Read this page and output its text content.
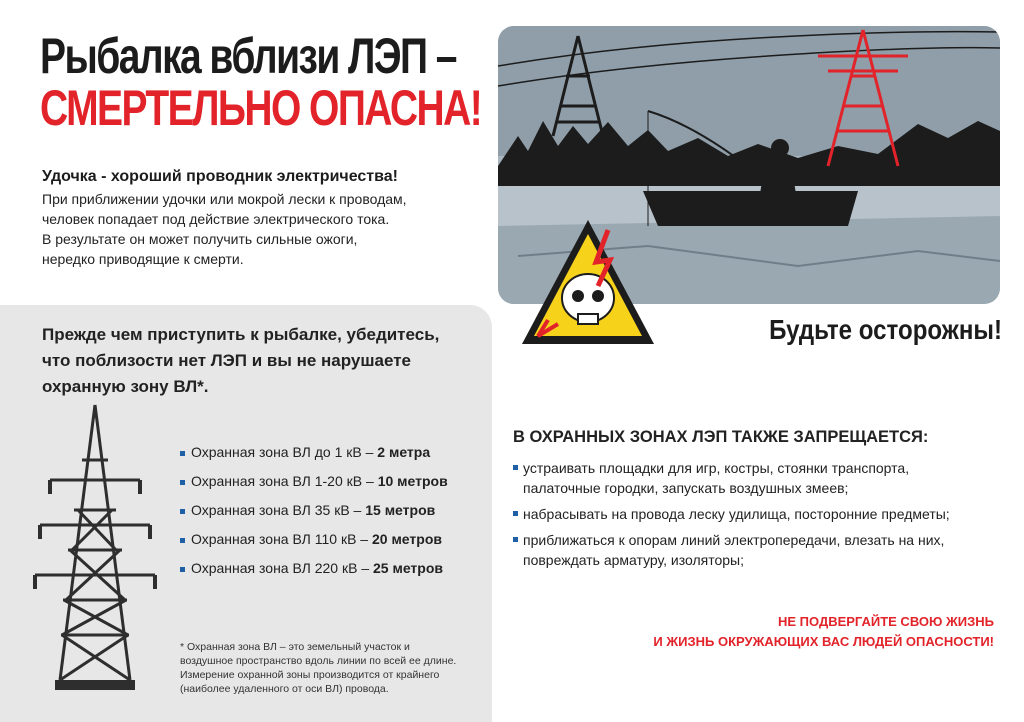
Рыбалка вблизи ЛЭП –
СМЕРТЕЛЬНО ОПАСНА!
Удочка - хороший проводник электричества!
При приближении удочки или мокрой лески к проводам,
человек попадает под действие электрического тока.
В результате он может получить сильные ожоги,
нередко приводящие к смерти.
Будьте осторожны!
Прежде чем приступить к рыбалке, убедитесь,
что поблизости нет ЛЭП и вы не нарушаете
охранную зону ВЛ*.
Охранная зона ВЛ до 1 кВ – 2 метра
Охранная зона ВЛ 1-20 кВ – 10 метров
Охранная зона ВЛ 35 кВ – 15 метров
Охранная зона ВЛ 110 кВ – 20 метров
Охранная зона ВЛ 220 кВ – 25 метров
* Охранная зона ВЛ – это земельный участок и
воздушное пространство вдоль линии по всей ее длине.
Измерение охранной зоны производится от крайнего
(наиболее удаленного от оси ВЛ) провода.
В ОХРАННЫХ ЗОНАХ ЛЭП ТАКЖЕ ЗАПРЕЩАЕТСЯ:
устраивать площадки для игр, костры, стоянки транспорта,
палаточные городки, запускать воздушных змеев;
набрасывать на провода леску удилища, посторонние предметы;
приближаться к опорам линий электропередачи, влезать на них,
повреждать арматуру, изоляторы;
НЕ ПОДВЕРГАЙТЕ СВОЮ ЖИЗНЬ
И ЖИЗНЬ ОКРУЖАЮЩИХ ВАС ЛЮДЕЙ ОПАСНОСТИ!
